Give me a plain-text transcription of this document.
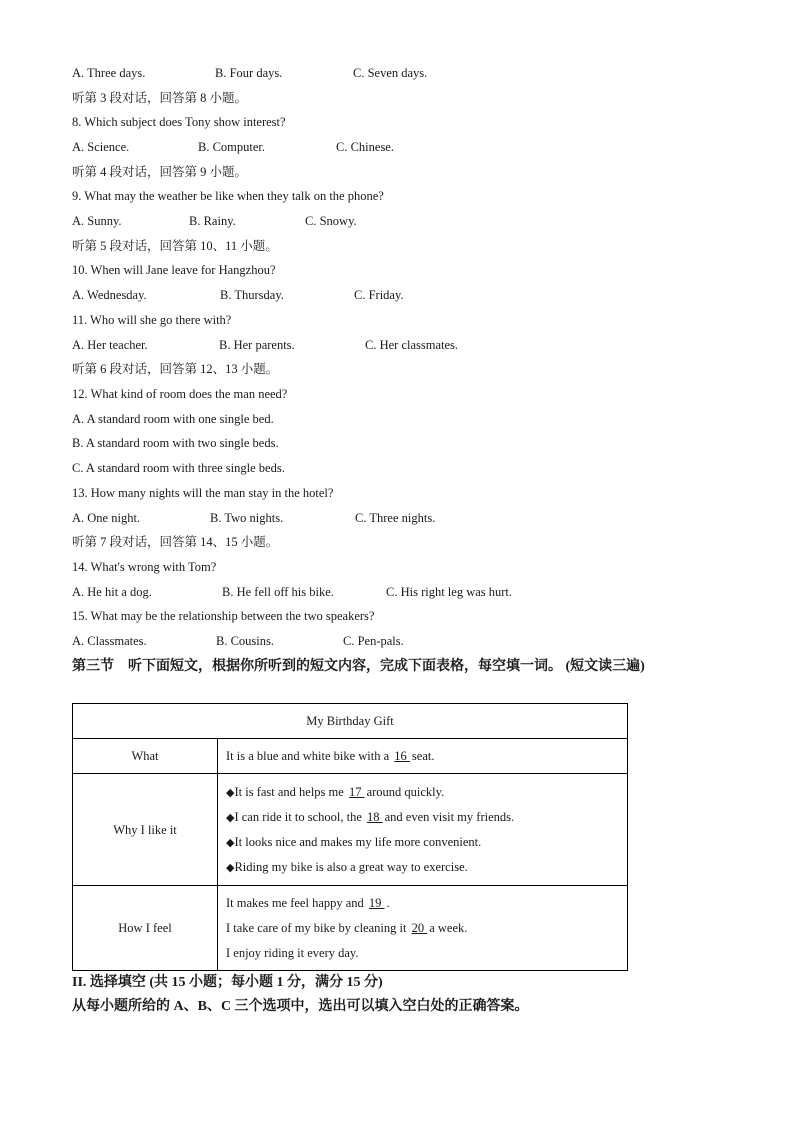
A. Three days.	B. Four days.	C. Seven days.
听第 3 段对话，回答第 8 小题。
8. Which subject does Tony show interest?
A. Science.	B. Computer.	C. Chinese.
听第 4 段对话，回答第 9 小题。
9. What may the weather be like when they talk on the phone?
A. Sunny.	B. Rainy.	C. Snowy.
听第 5 段对话，回答第 10、11 小题。
10. When will Jane leave for Hangzhou?
A. Wednesday.	B. Thursday.	C. Friday.
11. Who will she go there with?
A. Her teacher.	B. Her parents.	C. Her classmates.
听第 6 段对话，回答第 12、13 小题。
12. What kind of room does the man need?
A. A standard room with one single bed.
B. A standard room with two single beds.
C. A standard room with three single beds.
13. How many nights will the man stay in the hotel?
A. One night.	B. Two nights.	C. Three nights.
听第 7 段对话，回答第 14、15 小题。
14. What's wrong with Tom?
A. He hit a dog.	B. He fell off his bike.	C. His right leg was hurt.
15. What may be the relationship between the two speakers?
A. Classmates.	B. Cousins.	C. Pen-pals.
第三节　听下面短文，根据你所听到的短文内容，完成下面表格，每空填一词。 (短文读三遍)
My Birthday Gift	
What	It is a blue and white bike with a 16 seat.
Why I like it	◆It is fast and helps me 17 around quickly.
◆I can ride it to school, the 18 and even visit my friends.
◆It looks nice and makes my life more convenient.
◆Riding my bike is also a great way to exercise.

How I feel	It makes me feel happy and 19 .
I take care of my bike by cleaning it 20 a week.
I enjoy riding it every day.
II. 选择填空 (共 15 小题；每小题 1 分，满分 15 分)
从每小题所给的 A、B、C 三个选项中，选出可以填入空白处的正确答案。
